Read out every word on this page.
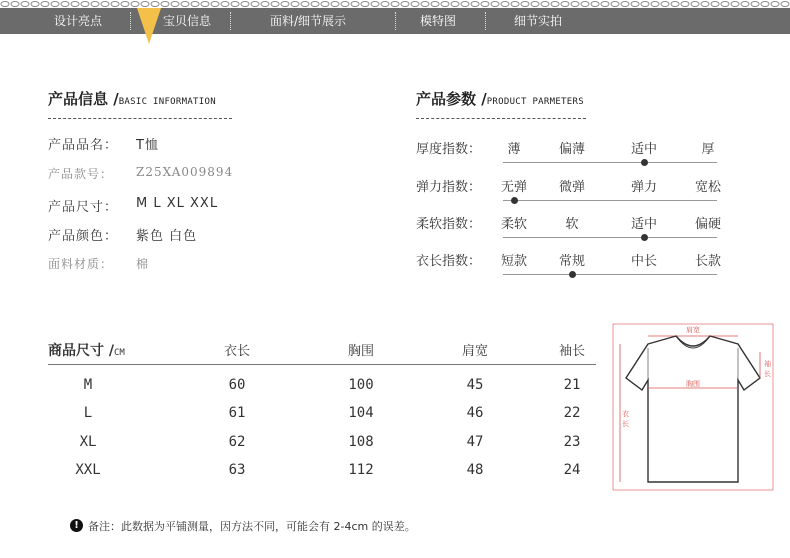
设计亮点	宝贝信息	面料/细节展示	模特图	细节实拍
产品信息 /BASIC INFORMATION
产品品名： T恤
产品款号： Z25XA009894
产品尺寸： M L XL XXL
产品颜色： 紫色 白色
面料材质： 棉
产品参数 /PRODUCT PARMETERS
厚度指数： 薄	偏薄	适中	厚
弹力指数： 无弹 微弹	弹力	宽松
柔软指数： 柔软	软	适中	偏硬
衣长指数： 短款 常规	中长	长款
商品尺寸 /CM	衣长	胸围	肩宽	袖长
M	60	100	45	21
L	61	104	46	22
XL	62	108	47	23
XXL	63	112	48	24
肩宽
胸围
袖
长
衣
长
! 备注：此数据为平铺测量，因方法不同，可能会有 2-4cm 的误差。
